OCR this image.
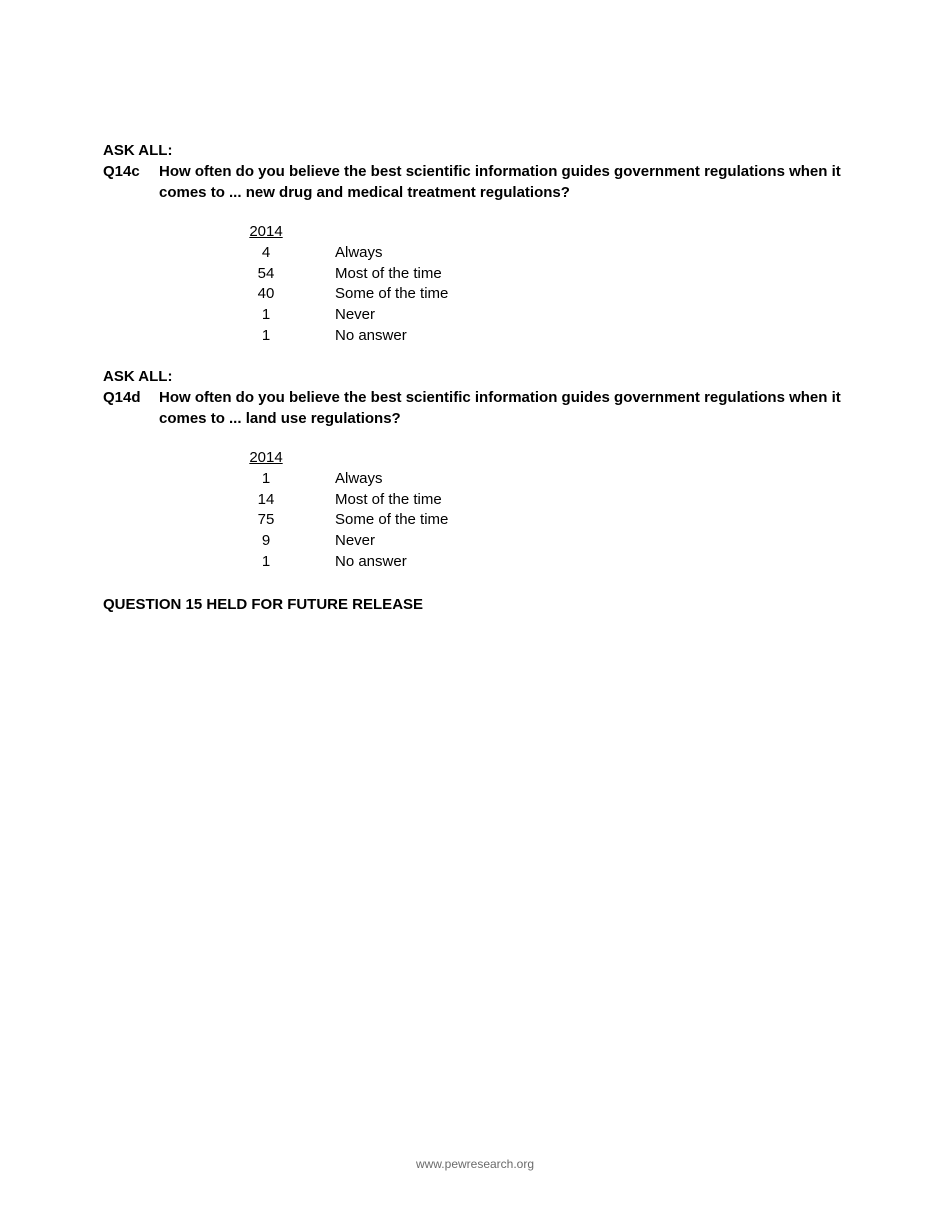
ASK ALL:
Q14c How often do you believe the best scientific information guides government regulations when it comes to ... new drug and medical treatment regulations?
2014
4	Always
54	Most of the time
40	Some of the time
1	Never
1	No answer
ASK ALL:
Q14d How often do you believe the best scientific information guides government regulations when it comes to ... land use regulations?
2014
1	Always
14	Most of the time
75	Some of the time
9	Never
1	No answer
QUESTION 15 HELD FOR FUTURE RELEASE
www.pewresearch.org
